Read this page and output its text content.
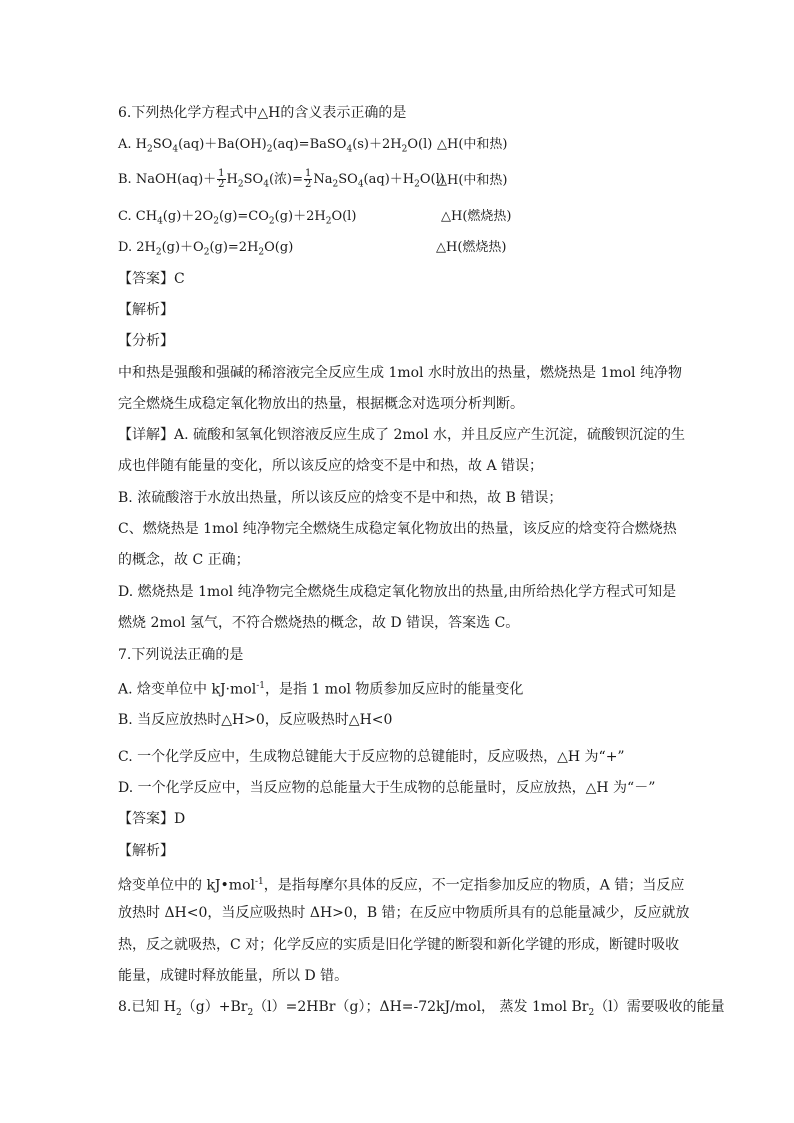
6.下列热化学方程式中△H的含义表示正确的是
A. $H_2SO_4(aq)+Ba(OH)_2(aq)=BaSO_4(s)+2H_2O(l)$ △H(中和热)
B. NaOH(aq)＋ $\frac{1}{2} H_2SO_4$(浓)= $\frac{1}{2} Na_2SO_4(aq)+H_2O(l)$
△H(中和热)
C. $CH_4(g)+2O_2(g)=CO_2(g)+2H_2O(l)$	△H(燃烧热)
D. $2H_2(g)+O_2(g)=2H_2O(g)$	△H(燃烧热)
【答案】C
【解析】
【分析】
中和热是强酸和强碱的稀溶液完全反应生成 1mol 水时放出的热量，燃烧热是 1mol 纯净物
完全燃烧生成稳定氧化物放出的热量，根据概念对选项分析判断。
【详解】A. 硫酸和氢氧化钡溶液反应生成了 2mol 水，并且反应产生沉淀，硫酸钡沉淀的生
成也伴随有能量的变化，所以该反应的焓变不是中和热，故 A 错误；
B. 浓硫酸溶于水放出热量，所以该反应的焓变不是中和热，故 B 错误；
C、燃烧热是 1mol 纯净物完全燃烧生成稳定氧化物放出的热量，该反应的焓变符合燃烧热
的概念，故 C 正确；
D. 燃烧热是 1mol 纯净物完全燃烧生成稳定氧化物放出的热量,由所给热化学方程式可知是
燃烧 2mol 氢气，不符合燃烧热的概念，故 D 错误，答案选 C。
7.下列说法正确的是
A. 焓变单位中 kJ·mol$^{-1}$，是指 1 mol 物质参加反应时的能量变化
B. 当反应放热时△H>0，反应吸热时△H<0
C. 一个化学反应中，生成物总键能大于反应物的总键能时，反应吸热，△H 为“+”
D. 一个化学反应中，当反应物的总能量大于生成物的总能量时，反应放热，△H 为“－”
【答案】D
【解析】
焓变单位中的 kJ•mol$^{-1}$，是指每摩尔具体的反应，不一定指参加反应的物质，A 错；当反应
放热时 ΔH<0，当反应吸热时 ΔH>0，B 错；在反应中物质所具有的总能量减少，反应就放
热，反之就吸热，C 对；化学反应的实质是旧化学键的断裂和新化学键的形成，断键时吸收
能量，成键时释放能量，所以 D 错。
8.已知 $H_2(g)+Br_2(l)=2HBr(g)$；ΔH=-72kJ/mol， 蒸发 1mol $Br_2(l)$需要吸收的能量
